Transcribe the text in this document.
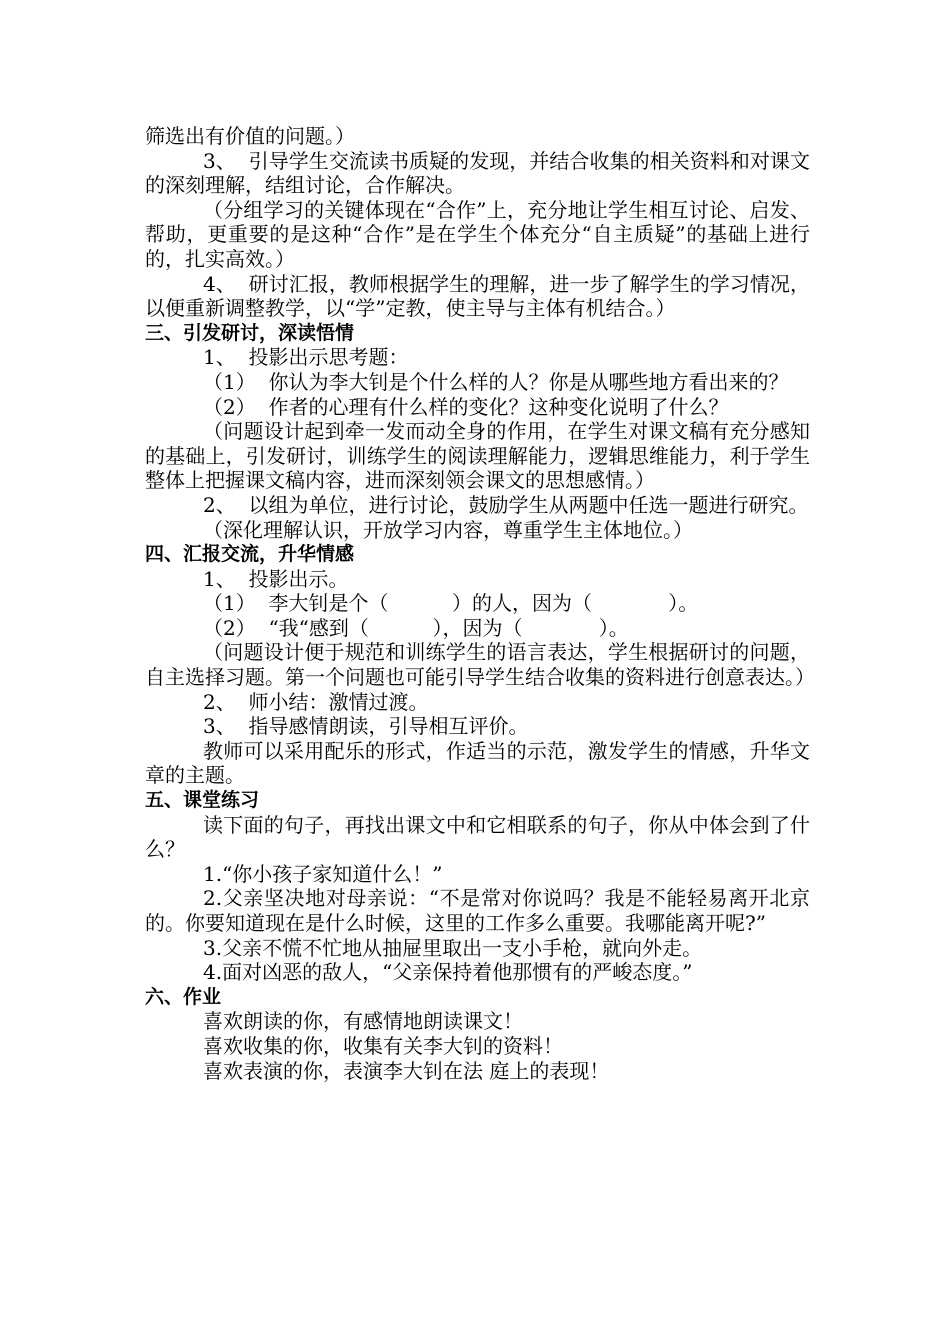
筛选出有价值的问题。）

3、  引导学生交流读书质疑的发现，并结合收集的相关资料和对课文的深刻理解，结组讨论，合作解决。

（分组学习的关键体现在“合作”上，充分地让学生相互讨论、启发、帮助，更重要的是这种“合作”是在学生个体充分“自主质疑”的基础上进行的，扎实高效。）

4、  研讨汇报，教师根据学生的理解，进一步了解学生的学习情况，以便重新调整教学，以“学”定教，使主导与主体有机结合。）

三、引发研讨，深读悟情

1、  投影出示思考题：

（1）  你认为李大钊是个什么样的人？你是从哪些地方看出来的？

（2）  作者的心理有什么样的变化？这种变化说明了什么？

（问题设计起到牵一发而动全身的作用，在学生对课文稿有充分感知的基础上，引发研讨，训练学生的阅读理解能力，逻辑思维能力，利于学生整体上把握课文稿内容，进而深刻领会课文的思想感情。）

2、  以组为单位，进行讨论，鼓励学生从两题中任选一题进行研究。

（深化理解认识，开放学习内容，尊重学生主体地位。）

四、汇报交流，升华情感

1、  投影出示。

（1）  李大钊是个（          ）的人，因为（            ）。

（2）  “我“感到（          ），因为（            ）。

（问题设计便于规范和训练学生的语言表达，学生根据研讨的问题，自主选择习题。第一个问题也可能引导学生结合收集的资料进行创意表达。）

2、  师小结：激情过渡。

3、  指导感情朗读，引导相互评价。

教师可以采用配乐的形式，作适当的示范，激发学生的情感，升华文章的主题。

五、课堂练习

读下面的句子，再找出课文中和它相联系的句子，你从中体会到了什么？

1.“你小孩子家知道什么！”

2.父亲坚决地对母亲说：“不是常对你说吗？我是不能轻易离开北京的。你要知道现在是什么时候，这里的工作多么重要。我哪能离开呢?”

3.父亲不慌不忙地从抽屉里取出一支小手枪，就向外走。

4.面对凶恶的敌人，“父亲保持着他那惯有的严峻态度。”

六、作业

喜欢朗读的你，有感情地朗读课文！

喜欢收集的你，收集有关李大钊的资料！

喜欢表演的你，表演李大钊在法 庭上的表现！
